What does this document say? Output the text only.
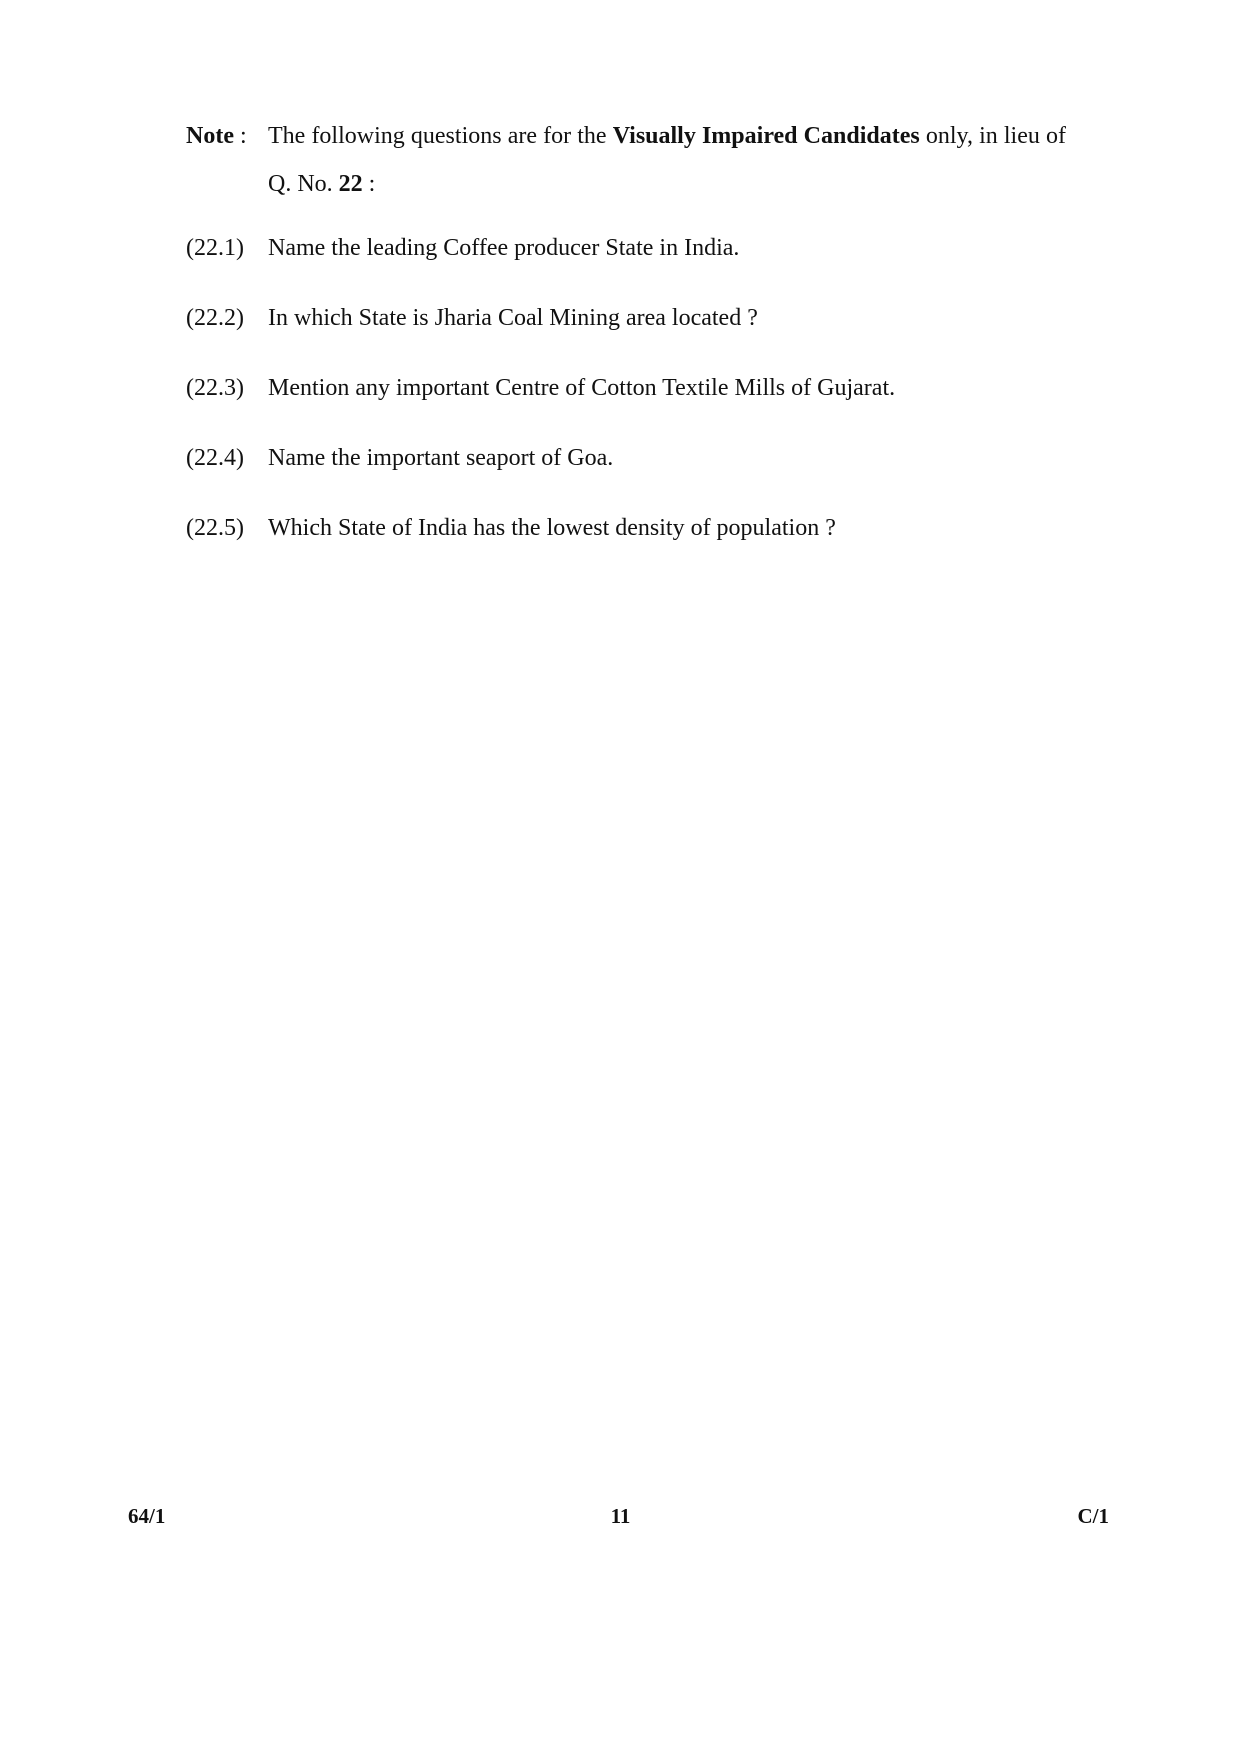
Note : The following questions are for the Visually Impaired Candidates only, in lieu of Q. No. 22 :
(22.1)	Name the leading Coffee producer State in India.
(22.2)	In which State is Jharia Coal Mining area located ?
(22.3)	Mention any important Centre of Cotton Textile Mills of Gujarat.
(22.4)	Name the important seaport of Goa.
(22.5)	Which State of India has the lowest density of population ?
11
64/1	C/1
